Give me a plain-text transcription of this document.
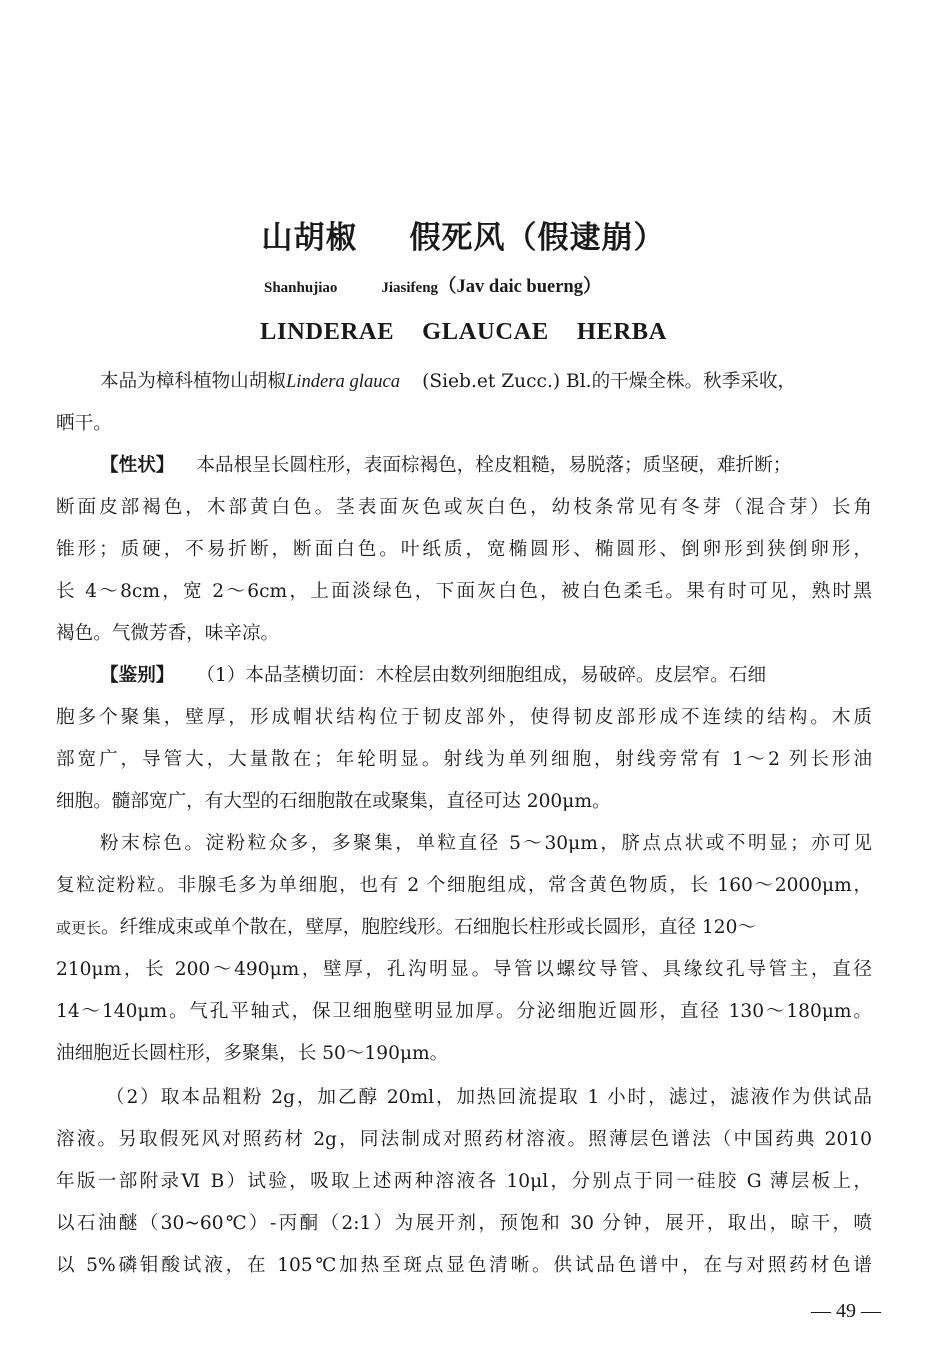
山胡椒 假死风（假逮崩）
Shanhujiao	Jiasifeng（Jav daic buerng）
LINDERAE GLAUCAE HERBA
本品为樟科植物山胡椒Lindera glauca (Sieb.et Zucc.) Bl.的干燥全株。秋季采收，
晒干。
【性状】 本品根呈长圆柱形，表面棕褐色，栓皮粗糙，易脱落；质坚硬，难折断；
断面皮部褐色，木部黄白色。茎表面灰色或灰白色，幼枝条常见有冬芽（混合芽）长角
锥形；质硬，不易折断，断面白色。叶纸质，宽椭圆形、椭圆形、倒卵形到狭倒卵形，
长 4～8cm，宽 2～6cm，上面淡绿色，下面灰白色，被白色柔毛。果有时可见，熟时黑
褐色。气微芳香，味辛凉。
【鉴别】 （1）本品茎横切面：木栓层由数列细胞组成，易破碎。皮层窄。石细
胞多个聚集，壁厚，形成帽状结构位于韧皮部外，使得韧皮部形成不连续的结构。木质
部宽广，导管大，大量散在；年轮明显。射线为单列细胞，射线旁常有 1～2 列长形油
细胞。髓部宽广，有大型的石细胞散在或聚集，直径可达 200μm。
粉末棕色。淀粉粒众多，多聚集，单粒直径 5～30μm，脐点点状或不明显；亦可见
复粒淀粉粒。非腺毛多为单细胞，也有 2 个细胞组成，常含黄色物质，长 160～2000μm，
或更长。纤维成束或单个散在，壁厚，胞腔线形。石细胞长柱形或长圆形，直径 120～
210μm，长 200～490μm，壁厚，孔沟明显。导管以螺纹导管、具缘纹孔导管主，直径
14～140μm。气孔平轴式，保卫细胞壁明显加厚。分泌细胞近圆形，直径 130～180μm。
油细胞近长圆柱形，多聚集，长 50～190μm。
（2）取本品粗粉 2g，加乙醇 20ml，加热回流提取 1 小时，滤过，滤液作为供试品
溶液。另取假死风对照药材 2g，同法制成对照药材溶液。照薄层色谱法（中国药典 2010
年版一部附录Ⅵ B）试验，吸取上述两种溶液各 10μl，分别点于同一硅胶 G 薄层板上，
以石油醚（30~60℃）-丙酮（2:1）为展开剂，预饱和 30 分钟，展开，取出，晾干，喷
以 5%磷钼酸试液，在 105℃加热至斑点显色清晰。供试品色谱中，在与对照药材色谱
— 49 —
